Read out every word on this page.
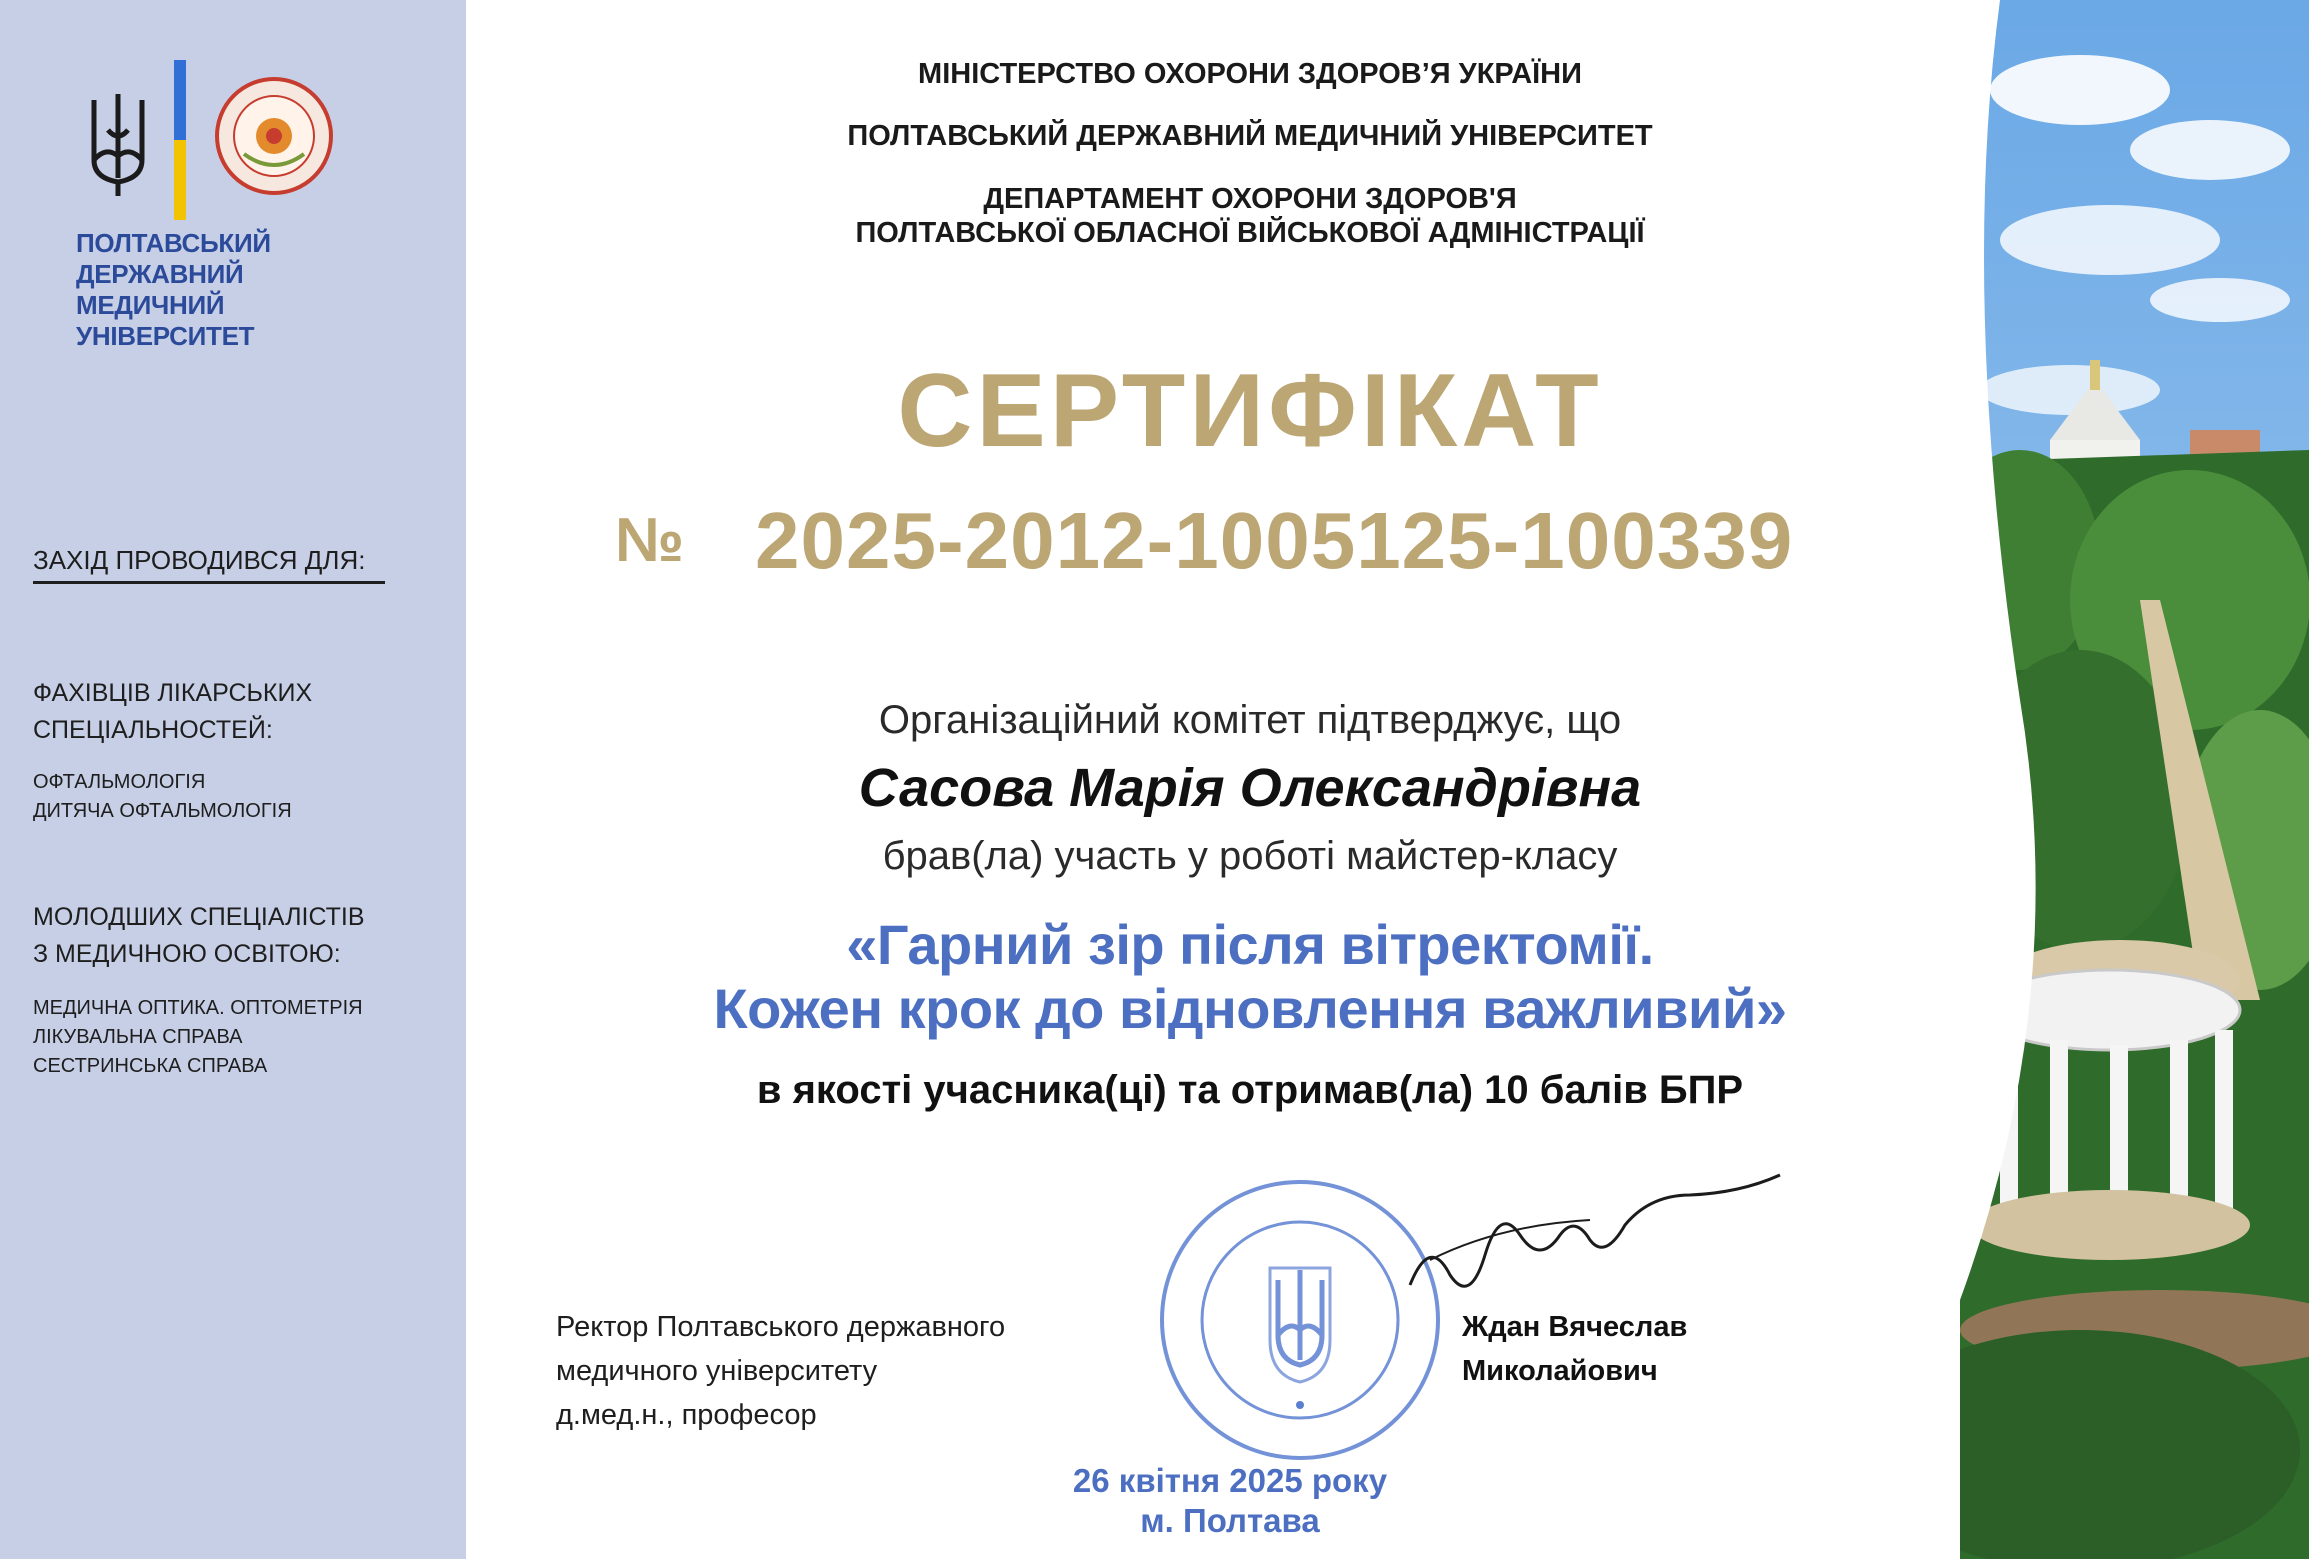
ПОЛТАВСЬКИЙ
ДЕРЖАВНИЙ МЕДИЧНИЙ
УНІВЕРСИТЕТ
ЗАХІД ПРОВОДИВСЯ ДЛЯ:
ФАХІВЦІВ ЛІКАРСЬКИХ
СПЕЦІАЛЬНОСТЕЙ:
ОФТАЛЬМОЛОГІЯ
ДИТЯЧА ОФТАЛЬМОЛОГІЯ
МОЛОДШИХ СПЕЦІАЛІСТІВ
З МЕДИЧНОЮ ОСВІТОЮ:
МЕДИЧНА ОПТИКА. ОПТОМЕТРІЯ
ЛІКУВАЛЬНА СПРАВА
СЕСТРИНСЬКА СПРАВА
МІНІСТЕРСТВО ОХОРОНИ ЗДОРОВ’Я УКРАЇНИ
ПОЛТАВСЬКИЙ ДЕРЖАВНИЙ МЕДИЧНИЙ УНІВЕРСИТЕТ
ДЕПАРТАМЕНТ ОХОРОНИ ЗДОРОВ'Я
ПОЛТАВСЬКОЇ ОБЛАСНОЇ ВІЙСЬКОВОЇ АДМІНІСТРАЦІЇ
СЕРТИФІКАТ
№ 2025-2012-1005125-100339
Організаційний комітет підтверджує, що
Сасова Марія Олександрівна
брав(ла) участь у роботі майстер-класу
«Гарний зір після вітректомії.
Кожен крок до відновлення важливий»
в якості учасника(ці) та отримав(ла) 10 балів БПР
Ректор Полтавського державного
медичного університету
д.мед.н., професор
Ждан Вячеслав
Миколайович
26 квітня 2025 року
м. Полтава
